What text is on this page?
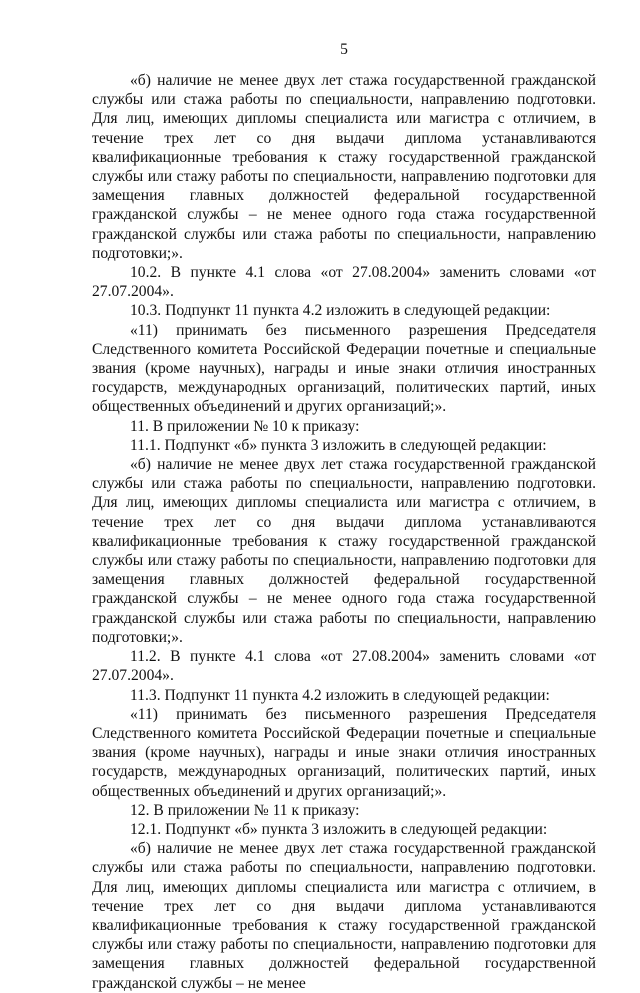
5

«б) наличие не менее двух лет стажа государственной гражданской службы или стажа работы по специальности, направлению подготовки. Для лиц, имеющих дипломы специалиста или магистра с отличием, в течение трех лет со дня выдачи диплома устанавливаются квалификационные требования к стажу государственной гражданской службы или стажу работы по специальности, направлению подготовки для замещения главных должностей федеральной государственной гражданской службы – не менее одного года стажа государственной гражданской службы или стажа работы по специальности, направлению подготовки;».

10.2. В пункте 4.1 слова «от 27.08.2004» заменить словами «от 27.07.2004».

10.3. Подпункт 11 пункта 4.2 изложить в следующей редакции:

«11) принимать без письменного разрешения Председателя Следственного комитета Российской Федерации почетные и специальные звания (кроме научных), награды и иные знаки отличия иностранных государств, международных организаций, политических партий, иных общественных объединений и других организаций;».

11. В приложении № 10 к приказу:

11.1. Подпункт «б» пункта 3 изложить в следующей редакции:

«б) наличие не менее двух лет стажа государственной гражданской службы или стажа работы по специальности, направлению подготовки. Для лиц, имеющих дипломы специалиста или магистра с отличием, в течение трех лет со дня выдачи диплома устанавливаются квалификационные требования к стажу государственной гражданской службы или стажу работы по специальности, направлению подготовки для замещения главных должностей федеральной государственной гражданской службы – не менее одного года стажа государственной гражданской службы или стажа работы по специальности, направлению подготовки;».

11.2. В пункте 4.1 слова «от 27.08.2004» заменить словами «от 27.07.2004».

11.3. Подпункт 11 пункта 4.2 изложить в следующей редакции:

«11) принимать без письменного разрешения Председателя Следственного комитета Российской Федерации почетные и специальные звания (кроме научных), награды и иные знаки отличия иностранных государств, международных организаций, политических партий, иных общественных объединений и других организаций;».

12. В приложении № 11 к приказу:

12.1. Подпункт «б» пункта 3 изложить в следующей редакции:

«б) наличие не менее двух лет стажа государственной гражданской службы или стажа работы по специальности, направлению подготовки. Для лиц, имеющих дипломы специалиста или магистра с отличием, в течение трех лет со дня выдачи диплома устанавливаются квалификационные требования к стажу государственной гражданской службы или стажу работы по специальности, направлению подготовки для замещения главных должностей федеральной государственной гражданской службы – не менее
